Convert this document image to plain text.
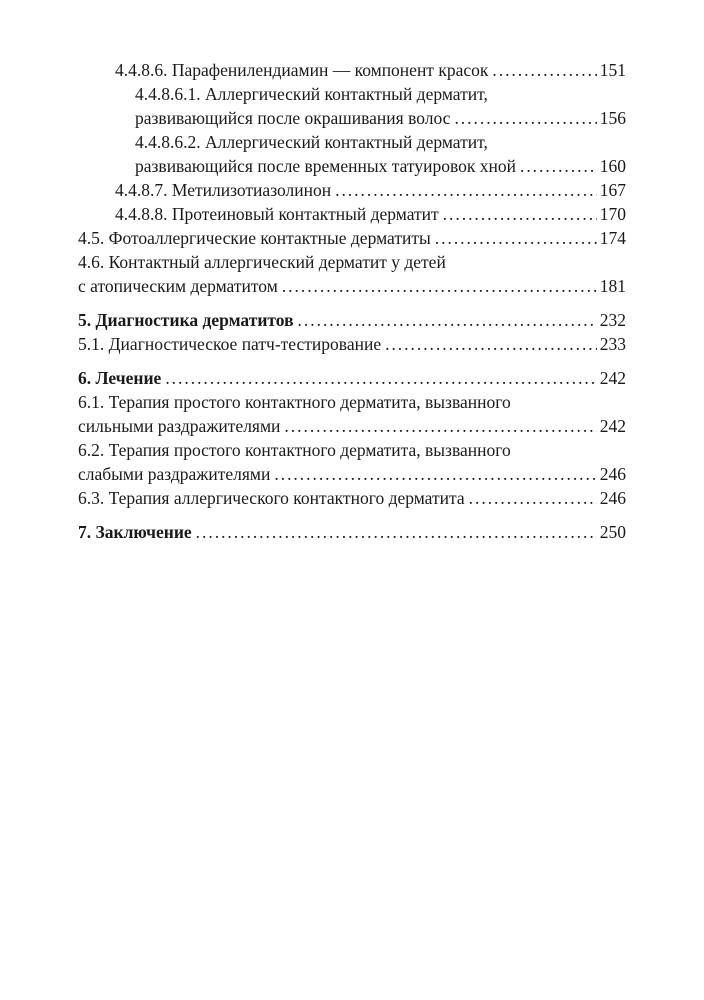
4.4.8.6. Парафенилендиамин — компонент красок . . .	151
4.4.8.6.1. Аллергический контактный дерматит,
развивающийся после окрашивания волос . . .	156
4.4.8.6.2. Аллергический контактный дерматит,
развивающийся после временных татуировок хной . . .	160
4.4.8.7. Метилизотиазолинон . . .	167
4.4.8.8. Протеиновый контактный дерматит . . .	170
4.5. Фотоаллергические контактные дерматиты . . .	174
4.6. Контактный аллергический дерматит у детей
с атопическим дерматитом . . .	181
5. Диагностика дерматитов . . .	232
5.1. Диагностическое патч-тестирование . . .	233
6. Лечение . . .	242
6.1. Терапия простого контактного дерматита, вызванного
сильными раздражителями . . .	242
6.2. Терапия простого контактного дерматита, вызванного
слабыми раздражителями . . .	246
6.3. Терапия аллергического контактного дерматита . . .	246
7. Заключение . . .	250
